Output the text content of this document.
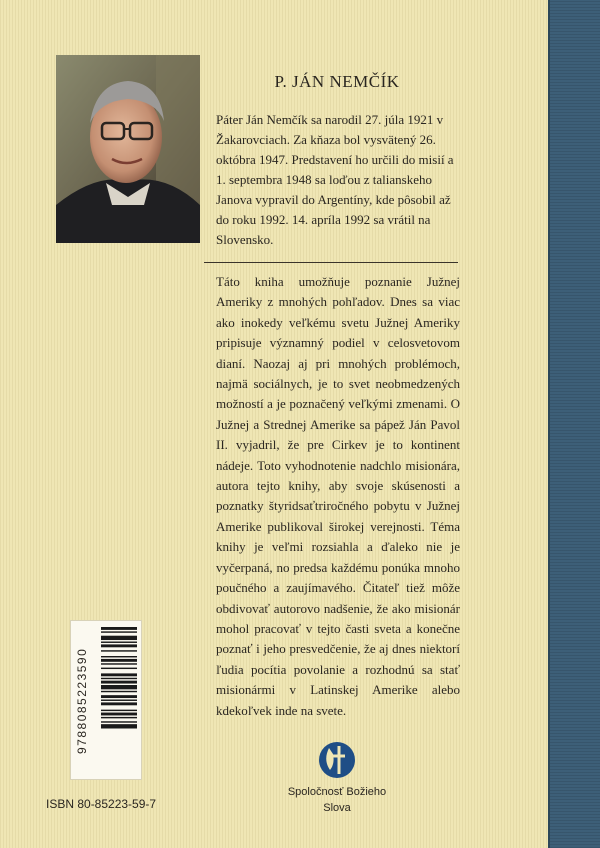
P. JÁN NEMČÍK

Páter Ján Nemčík sa narodil 27. júla 1921 v Žakarovciach. Za kňaza bol vysvätený 26. októbra 1947. Predstavení ho určili do misií a 1. septembra 1948 sa loďou z talianskeho Janova vypravil do Argentíny, kde pôsobil až do roku 1992. 14. apríla 1992 sa vrátil na Slovensko.

Táto kniha umožňuje poznanie Južnej Ameriky z mnohých pohľadov. Dnes sa viac ako inokedy veľkému svetu Južnej Ameriky pripisuje významný podiel v celosvetovom dianí. Naozaj aj pri mnohých problémoch, najmä sociálnych, je to svet neobmedzených možností a je poznačený veľkými zmenami. O Južnej a Strednej Amerike sa pápež Ján Pavol II. vyjadril, že pre Cirkev je to kontinent nádeje. Toto vyhodnotenie nadchlo misionára, autora tejto knihy, aby svoje skúsenosti a poznatky štyridsaťtriročného pobytu v Južnej Amerike publikoval širokej verejnosti. Téma knihy je veľmi rozsiahla a ďaleko nie je vyčerpaná, no predsa každému ponúka mnoho poučného a zaujímavého. Čitateľ tiež môže obdivovať autorovo nadšenie, že ako misionár mohol pracovať v tejto časti sveta a konečne poznať i jeho presvedčenie, že aj dnes niektorí ľudia pocítia povolanie a rozhodnú sa stať misionármi v Latinskej Amerike alebo kdekoľvek inde na svete.

9788085223590
ISBN 80-85223-59-7
Spoločnosť Božieho
Slova
